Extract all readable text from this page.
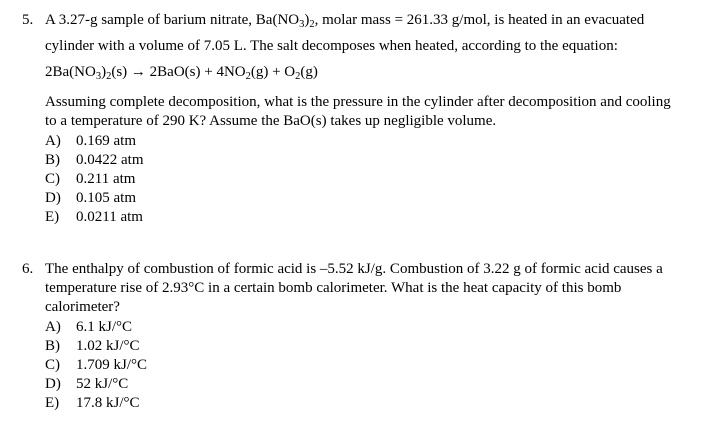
5. A 3.27-g sample of barium nitrate, $Ba(NO_3)_2$, molar mass = 261.33 g/mol, is heated in an evacuated
cylinder with a volume of 7.05 L. The salt decomposes when heated, according to the equation:
$2Ba(NO_3)_2(s) \to 2BaO(s) + 4NO_2(g) + O_2(g)$
Assuming complete decomposition, what is the pressure in the cylinder after decomposition and cooling
to a temperature of 290 K? Assume the BaO(s) takes up negligible volume.
A) 0.169 atm
B) 0.0422 atm
C) 0.211 atm
D) 0.105 atm
E) 0.0211 atm
6. The enthalpy of combustion of formic acid is –5.52 kJ/g. Combustion of 3.22 g of formic acid causes a
temperature rise of 2.93°C in a certain bomb calorimeter. What is the heat capacity of this bomb
calorimeter?
A) 6.1 kJ/°C
B) 1.02 kJ/°C
C) 1.709 kJ/°C
D) 52 kJ/°C
E) 17.8 kJ/°C
